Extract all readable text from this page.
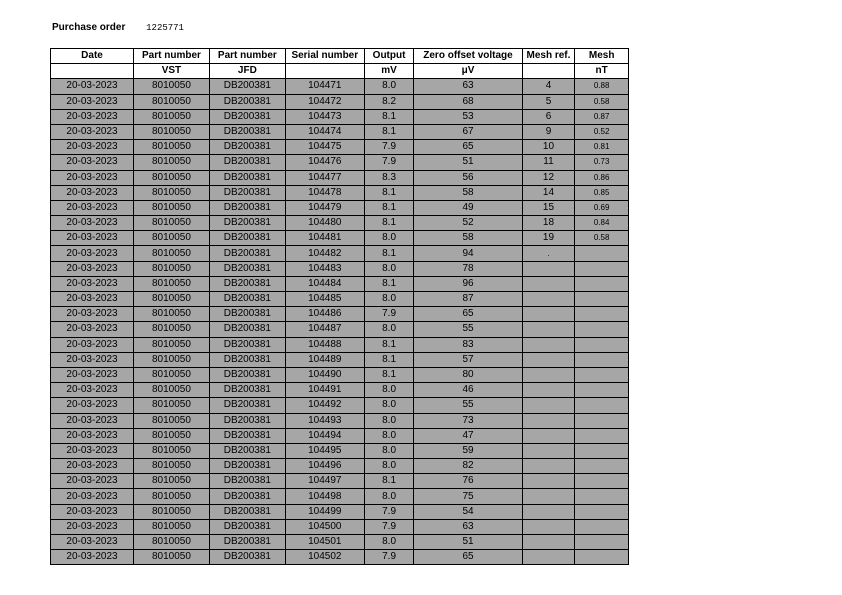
Purchase order 1225771
Date	Part number	Part number	Serial number	Output	Zero offset voltage	Mesh ref.	Mesh
	VST	JFD		mV	μV		nT
20-03-2023	8010050	DB200381	104471	8.0	63	4	0.88
20-03-2023	8010050	DB200381	104472	8.2	68	5	0.58
20-03-2023	8010050	DB200381	104473	8.1	53	6	0.87
20-03-2023	8010050	DB200381	104474	8.1	67	9	0.52
20-03-2023	8010050	DB200381	104475	7.9	65	10	0.81
20-03-2023	8010050	DB200381	104476	7.9	51	11	0.73
20-03-2023	8010050	DB200381	104477	8.3	56	12	0.86
20-03-2023	8010050	DB200381	104478	8.1	58	14	0.85
20-03-2023	8010050	DB200381	104479	8.1	49	15	0.69
20-03-2023	8010050	DB200381	104480	8.1	52	18	0.84
20-03-2023	8010050	DB200381	104481	8.0	58	19	0.58
20-03-2023	8010050	DB200381	104482	8.1	94	.	
20-03-2023	8010050	DB200381	104483	8.0	78		
20-03-2023	8010050	DB200381	104484	8.1	96		
20-03-2023	8010050	DB200381	104485	8.0	87		
20-03-2023	8010050	DB200381	104486	7.9	65		
20-03-2023	8010050	DB200381	104487	8.0	55		
20-03-2023	8010050	DB200381	104488	8.1	83		
20-03-2023	8010050	DB200381	104489	8.1	57		
20-03-2023	8010050	DB200381	104490	8.1	80		
20-03-2023	8010050	DB200381	104491	8.0	46		
20-03-2023	8010050	DB200381	104492	8.0	55		
20-03-2023	8010050	DB200381	104493	8.0	73		
20-03-2023	8010050	DB200381	104494	8.0	47		
20-03-2023	8010050	DB200381	104495	8.0	59		
20-03-2023	8010050	DB200381	104496	8.0	82		
20-03-2023	8010050	DB200381	104497	8.1	76		
20-03-2023	8010050	DB200381	104498	8.0	75		
20-03-2023	8010050	DB200381	104499	7.9	54		
20-03-2023	8010050	DB200381	104500	7.9	63		
20-03-2023	8010050	DB200381	104501	8.0	51		
20-03-2023	8010050	DB200381	104502	7.9	65		
